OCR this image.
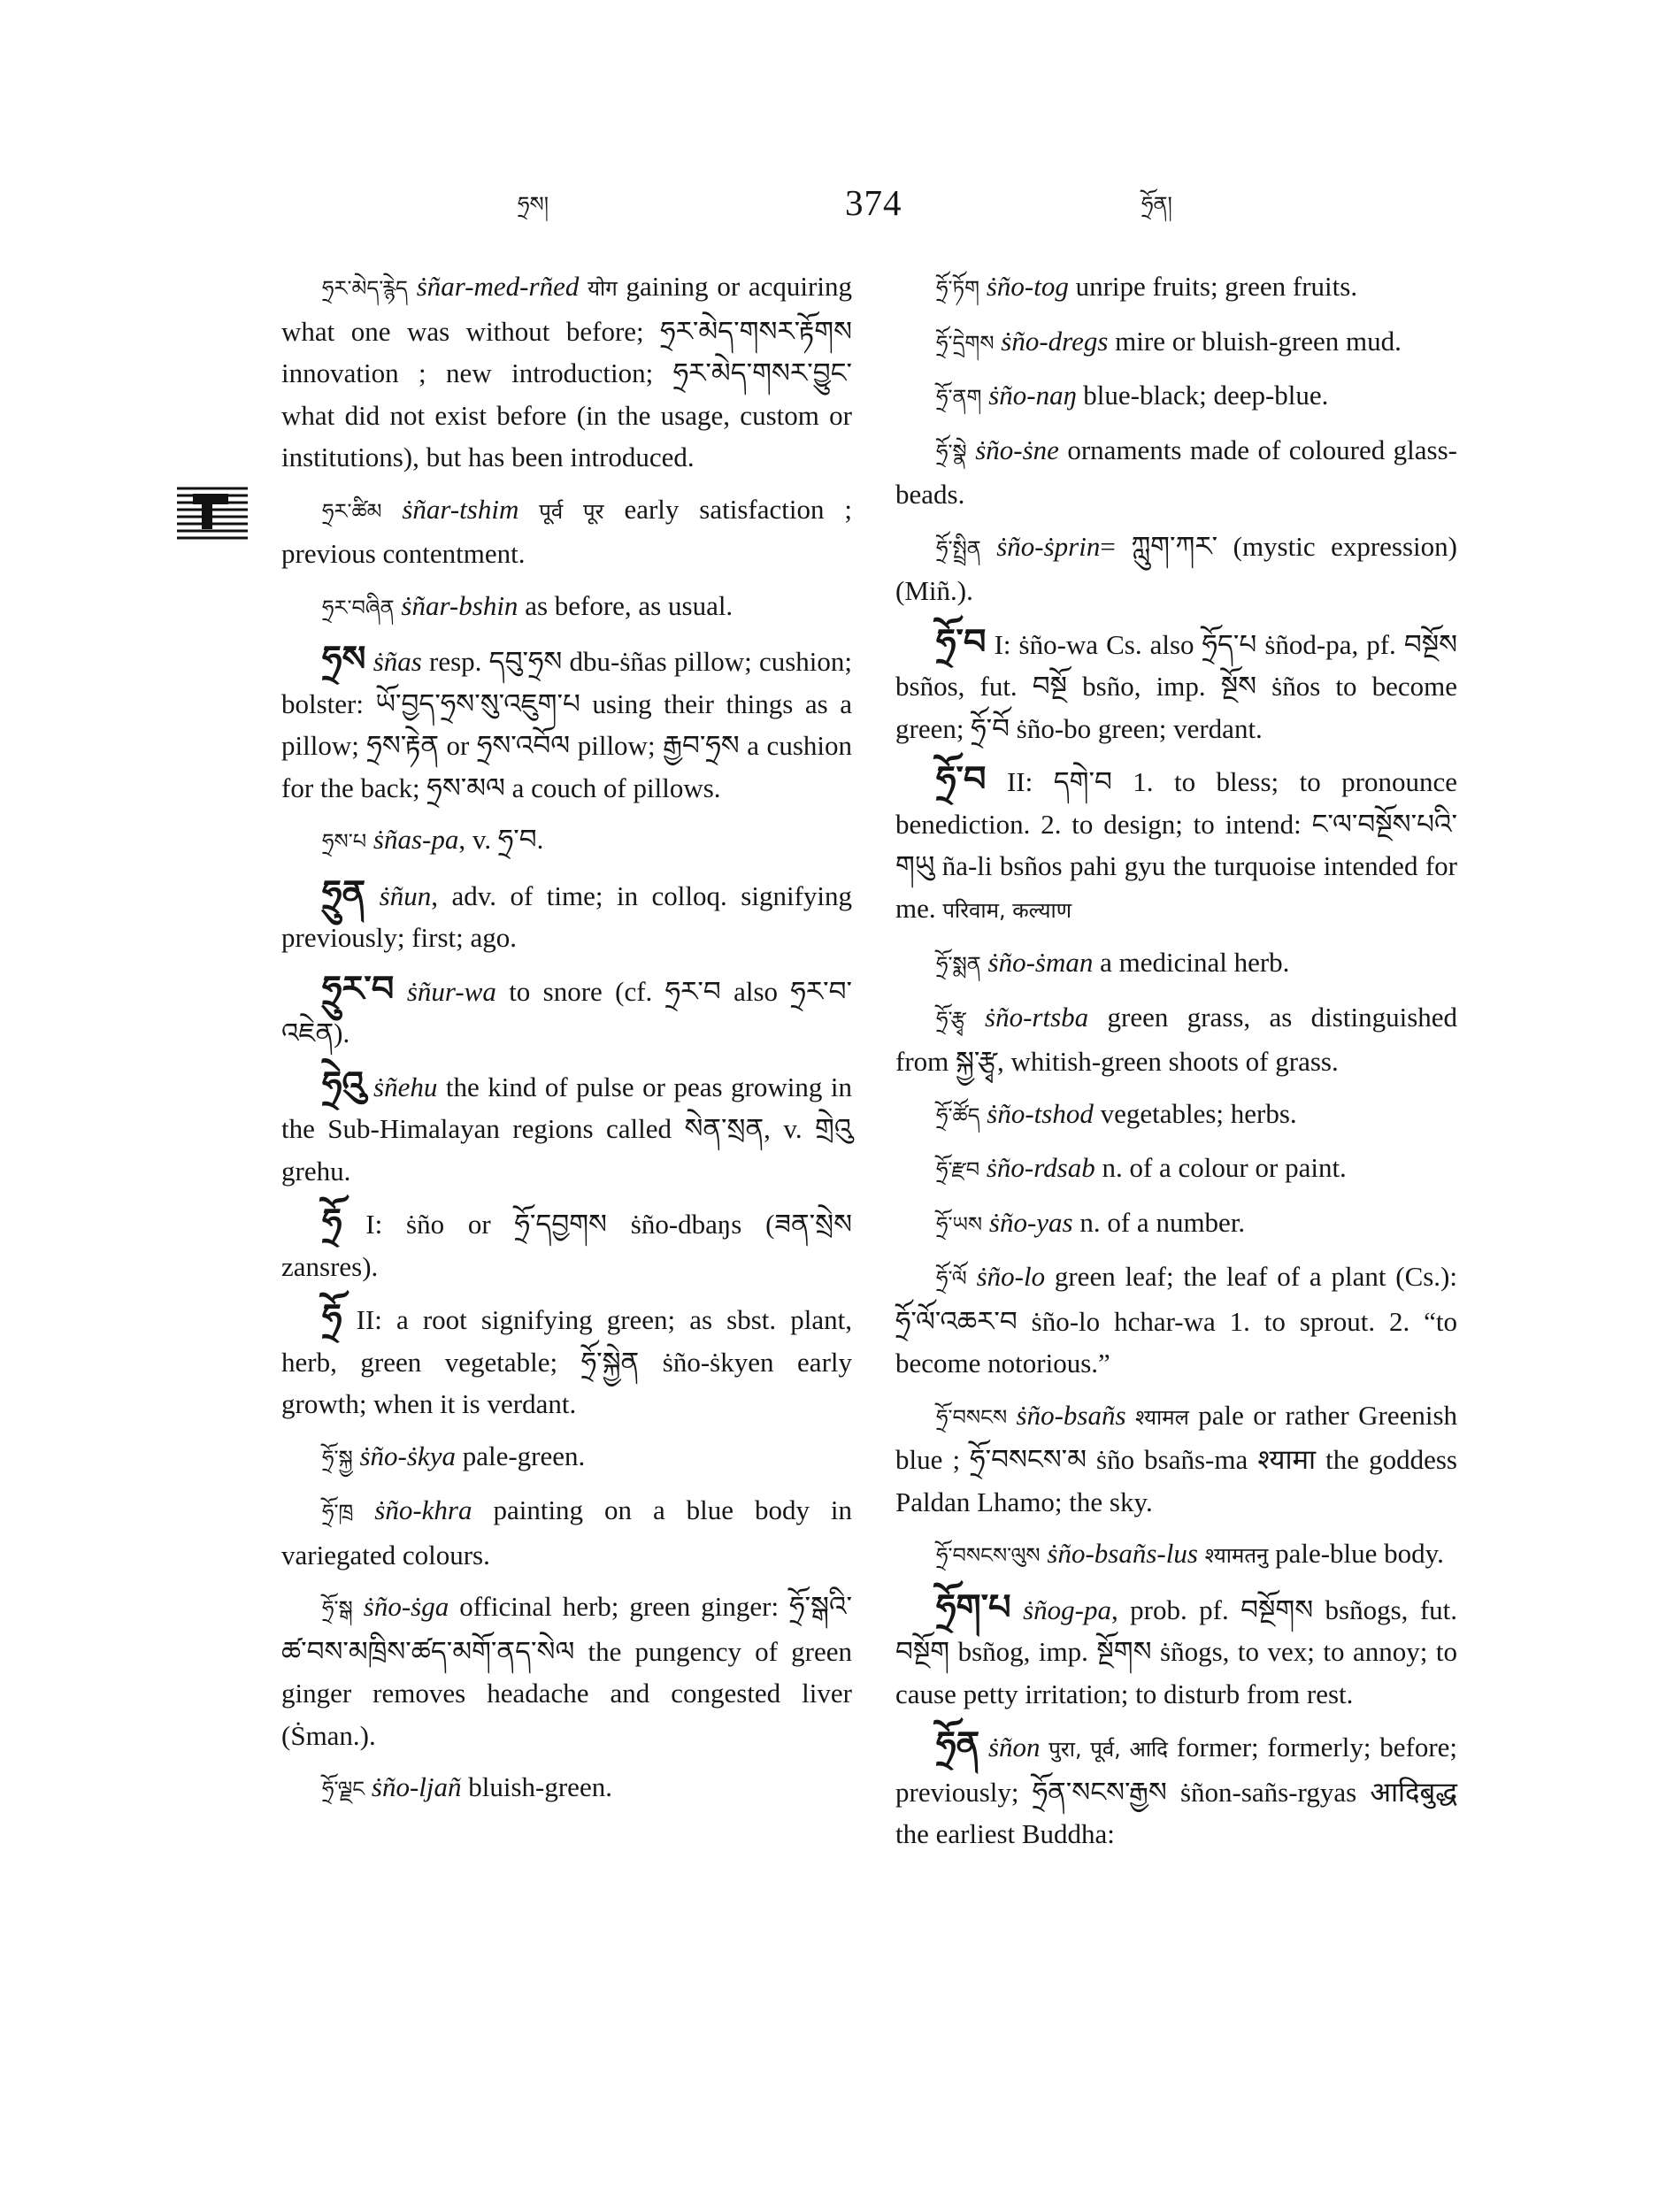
ཧྲས།	374	ཧྲོན།

ཧྲར་མེད་རྙེད ṡñar-med-rñed योग gaining or acquiring what one was without before; ཧྲར་མེད་གསར་རྟོགས innovation ; new introduction; ཧྲར་མེད་གསར་བྱུང་ what did not exist before (in the usage, custom or institutions), but has been introduced.

ཧྲར་ཚིམ ṡñar-tshim पूर्व पूर early satisfaction ; previous contentment.

ཧྲར་བཞིན ṡñar-bshin as before, as usual.

ཧྲས ṡñas resp. དབུ་ཧྲས dbu-ṡñas pillow; cushion; bolster: ཡོ་བྱད་ཧྲས་སུ་འཇུག་པ using their things as a pillow; ཧྲས་རྟེན or ཧྲས་འབོལ pillow; རྒྱབ་ཧྲས a cushion for the back; ཧྲས་མལ a couch of pillows.

ཧྲས་པ ṡñas-pa, v. ཧྲ་བ.

ཧྲུན ṡñun, adv. of time; in colloq. signifying previously; first; ago.

ཧྲུར་བ ṡñur-wa to snore (cf. ཧྲར་བ also ཧྲར་བ་འཇེན).

ཧྲེའུ ṡñehu the kind of pulse or peas growing in the Sub-Himalayan regions called སེན་སྲན, v. གྲེའུ grehu.

ཧྲོ I: ṡño or ཧྲོ་དབྱགས ṡño-dbaŋs (ཟན་སྲེས zansres).

ཧྲོ II: a root signifying green; as sbst. plant, herb, green vegetable; ཧྲོ་སྐྱེན ṡño-ṡkyen early growth; when it is verdant.

ཧྲོ་སྐྱ ṡño-ṡkya pale-green.

ཧྲོ་ཁྲ ṡño-khra painting on a blue body in variegated colours.

ཧྲོ་སྒ ṡño-ṡga officinal herb; green ginger: ཧྲོ་སྒའི་ཚ་བས་མཁྲིས་ཚད་མགོ་ནད་སེལ the pungency of green ginger removes headache and congested liver (Ṡman.).

ཧྲོ་ལྗང ṡño-ljañ bluish-green.

ཧྲོ་ཏོག ṡño-tog unripe fruits; green fruits.

ཧྲོ་དྲེགས ṡño-dregs mire or bluish-green mud.

ཧྲོ་ནག ṡño-naŋ blue-black; deep-blue.

ཧྲོ་སྣེ ṡño-ṡne ornaments made of coloured glass-beads.

ཧྲོ་སྤྲིན ṡño-ṡprin= ཀླུག་ཀར་ (mystic expression) (Miñ.).

ཧྲོ་བ I: ṡño-wa Cs. also ཧྲོད་པ ṡñod-pa, pf. བསྔོས bsños, fut. བསྔོ bsño, imp. སྔོས ṡños to become green; ཧྲོ་བོ ṡño-bo green; verdant.

ཧྲོ་བ II: དགེ་བ 1. to bless; to pronounce benediction. 2. to design; to intend: ང་ལ་བསྔོས་པའི་གཡུ ña-li bsños pahi gyu the turquoise intended for me. परिवाम, कल्याण

ཧྲོ་སྨན ṡño-ṡman a medicinal herb.

ཧྲོ་རྩྭ ṡño-rtsba green grass, as distinguished from སྐྱ་རྩྭ, whitish-green shoots of grass.

ཧྲོ་ཚོད ṡño-tshod vegetables; herbs.

ཧྲོ་རྫབ ṡño-rdsab n. of a colour or paint.

ཧྲོ་ཡས ṡño-yas n. of a number.

ཧྲོ་ལོ ṡño-lo green leaf; the leaf of a plant (Cs.): ཧྲོ་ལོ་འཆར་བ ṡño-lo hchar-wa 1. to sprout. 2. “to become notorious.”

ཧྲོ་བསངས ṡño-bsañs श्यामल pale or rather Greenish blue ; ཧྲོ་བསངས་མ ṡño bsañs-ma श्यामा the goddess Paldan Lhamo; the sky.

ཧྲོ་བསངས་ལུས ṡño-bsañs-lus श्यामतनु pale-blue body.

ཧྲོག་པ ṡñog-pa, prob. pf. བསྔོགས bsñogs, fut. བསྔོག bsñog, imp. སྔོགས ṡñogs, to vex; to annoy; to cause petty irritation; to disturb from rest.

ཧྲོན ṡñon पुरा, पूर्व, आदि former; formerly; before; previously; ཧྲོན་སངས་རྒྱས ṡñon-sañs-rgyas आदिबुद्ध the earliest Buddha:
